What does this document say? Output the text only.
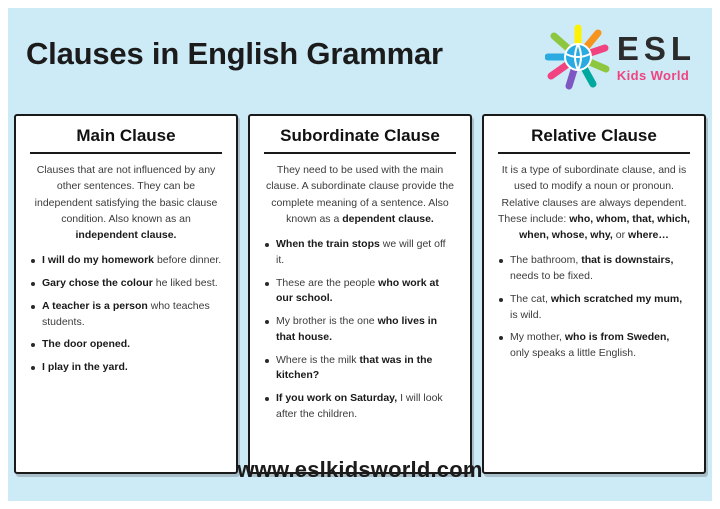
Clauses in English Grammar	ESL
Kids World
Main Clause

Clauses that are not influenced by any other sentences. They can be independent satisfying the basic clause condition. Also known as an independent clause.

I will do my homework before dinner.
Gary chose the colour he liked best.
A teacher is a person who teaches students.
The door opened.
I play in the yard.
Subordinate Clause

They need to be used with the main clause. A subordinate clause provide the complete meaning of a sentence. Also known as a dependent clause.

When the train stops we will get off it.
These are the people who work at our school.
My brother is the one who lives in that house.
Where is the milk that was in the kitchen?
If you work on Saturday, I will look after the children.
Relative Clause

It is a type of subordinate clause, and is used to modify a noun or pronoun. Relative clauses are always dependent. These include: who, whom, that, which, when, whose, why, or where…

The bathroom, that is downstairs, needs to be fixed.
The cat, which scratched my mum, is wild.
My mother, who is from Sweden, only speaks a little English.
www.eslkidsworld.com
